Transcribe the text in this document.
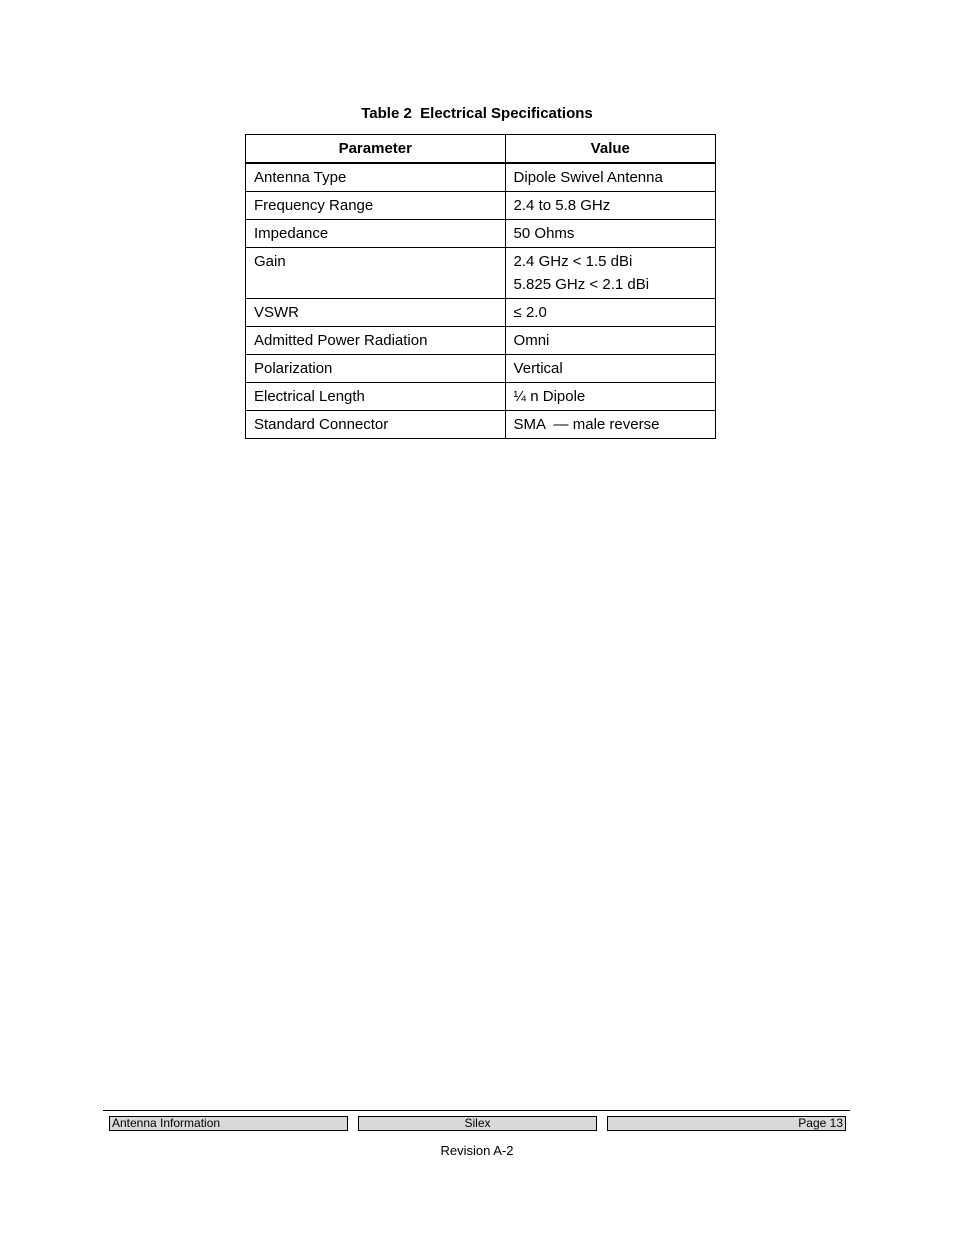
Table 2  Electrical Specifications
Parameter	Value
Antenna Type	Dipole Swivel Antenna

Frequency Range	2.4 to 5.8 GHz

Impedance	50 Ohms

Gain	2.4 GHz < 1.5 dBi
5.825 GHz < 2.1 dBi

VSWR	≤ 2.0

Admitted Power Radiation	Omni

Polarization	Vertical

Electrical Length	¼ n Dipole

Standard Connector	SMA  — male reverse
Antenna Information	Silex	Page 13
Revision A-2
